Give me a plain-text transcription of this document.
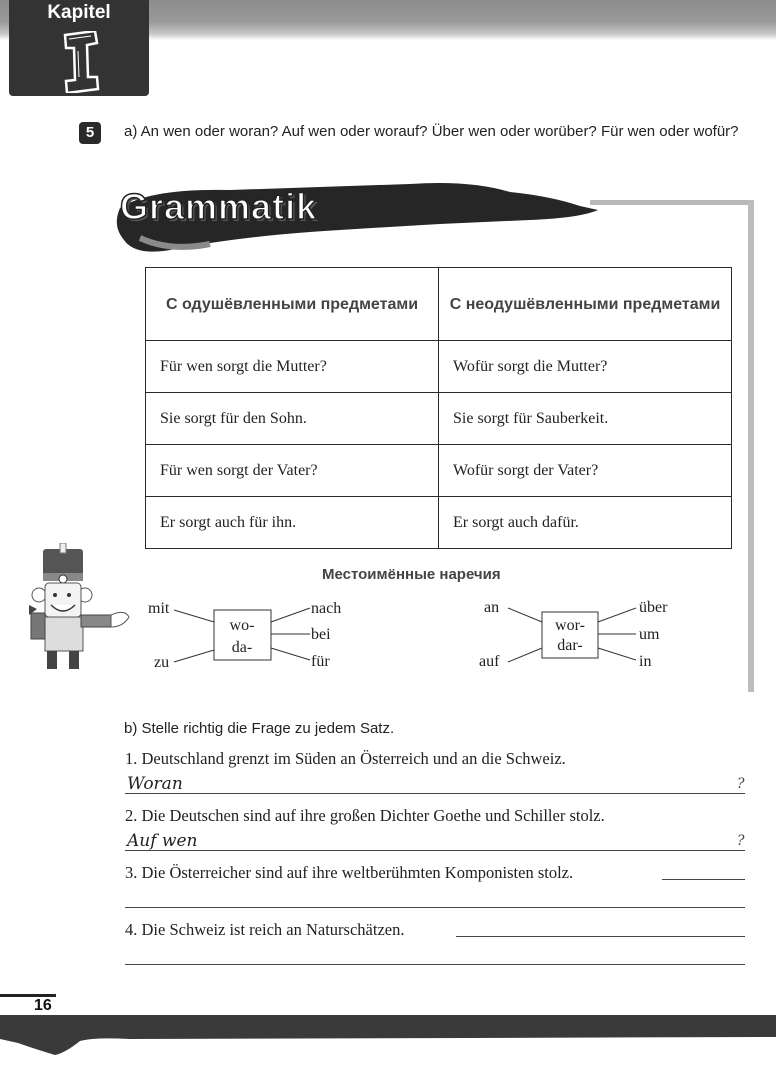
Kapitel
5	a) An wen oder woran? Auf wen oder worauf? Über wen oder worüber? Für wen oder wofür?
Grammatik
С одушёвленными предметами	С неодушёвленными предметами
Für wen sorgt die Mutter?	Wofür sorgt die Mutter?
Sie sorgt für den Sohn.	Sie sorgt für Sauberkeit.
Für wen sorgt der Vater?	Wofür sorgt der Vater?
Er sorgt auch für ihn.	Er sorgt auch dafür.
Местоимённые наречия
mit
zu
wo-
da-
nach
bei
für
an
auf
wor-
dar-
über
um
in
b) Stelle richtig die Frage zu jedem Satz.
1. Deutschland grenzt im Süden an Österreich und an die Schweiz.
Woran	?
2. Die Deutschen sind auf ihre großen Dichter Goethe und Schiller stolz.
Auf wen	?
3. Die Österreicher sind auf ihre weltberühmten Komponisten stolz.
4. Die Schweiz ist reich an Naturschätzen.
16
